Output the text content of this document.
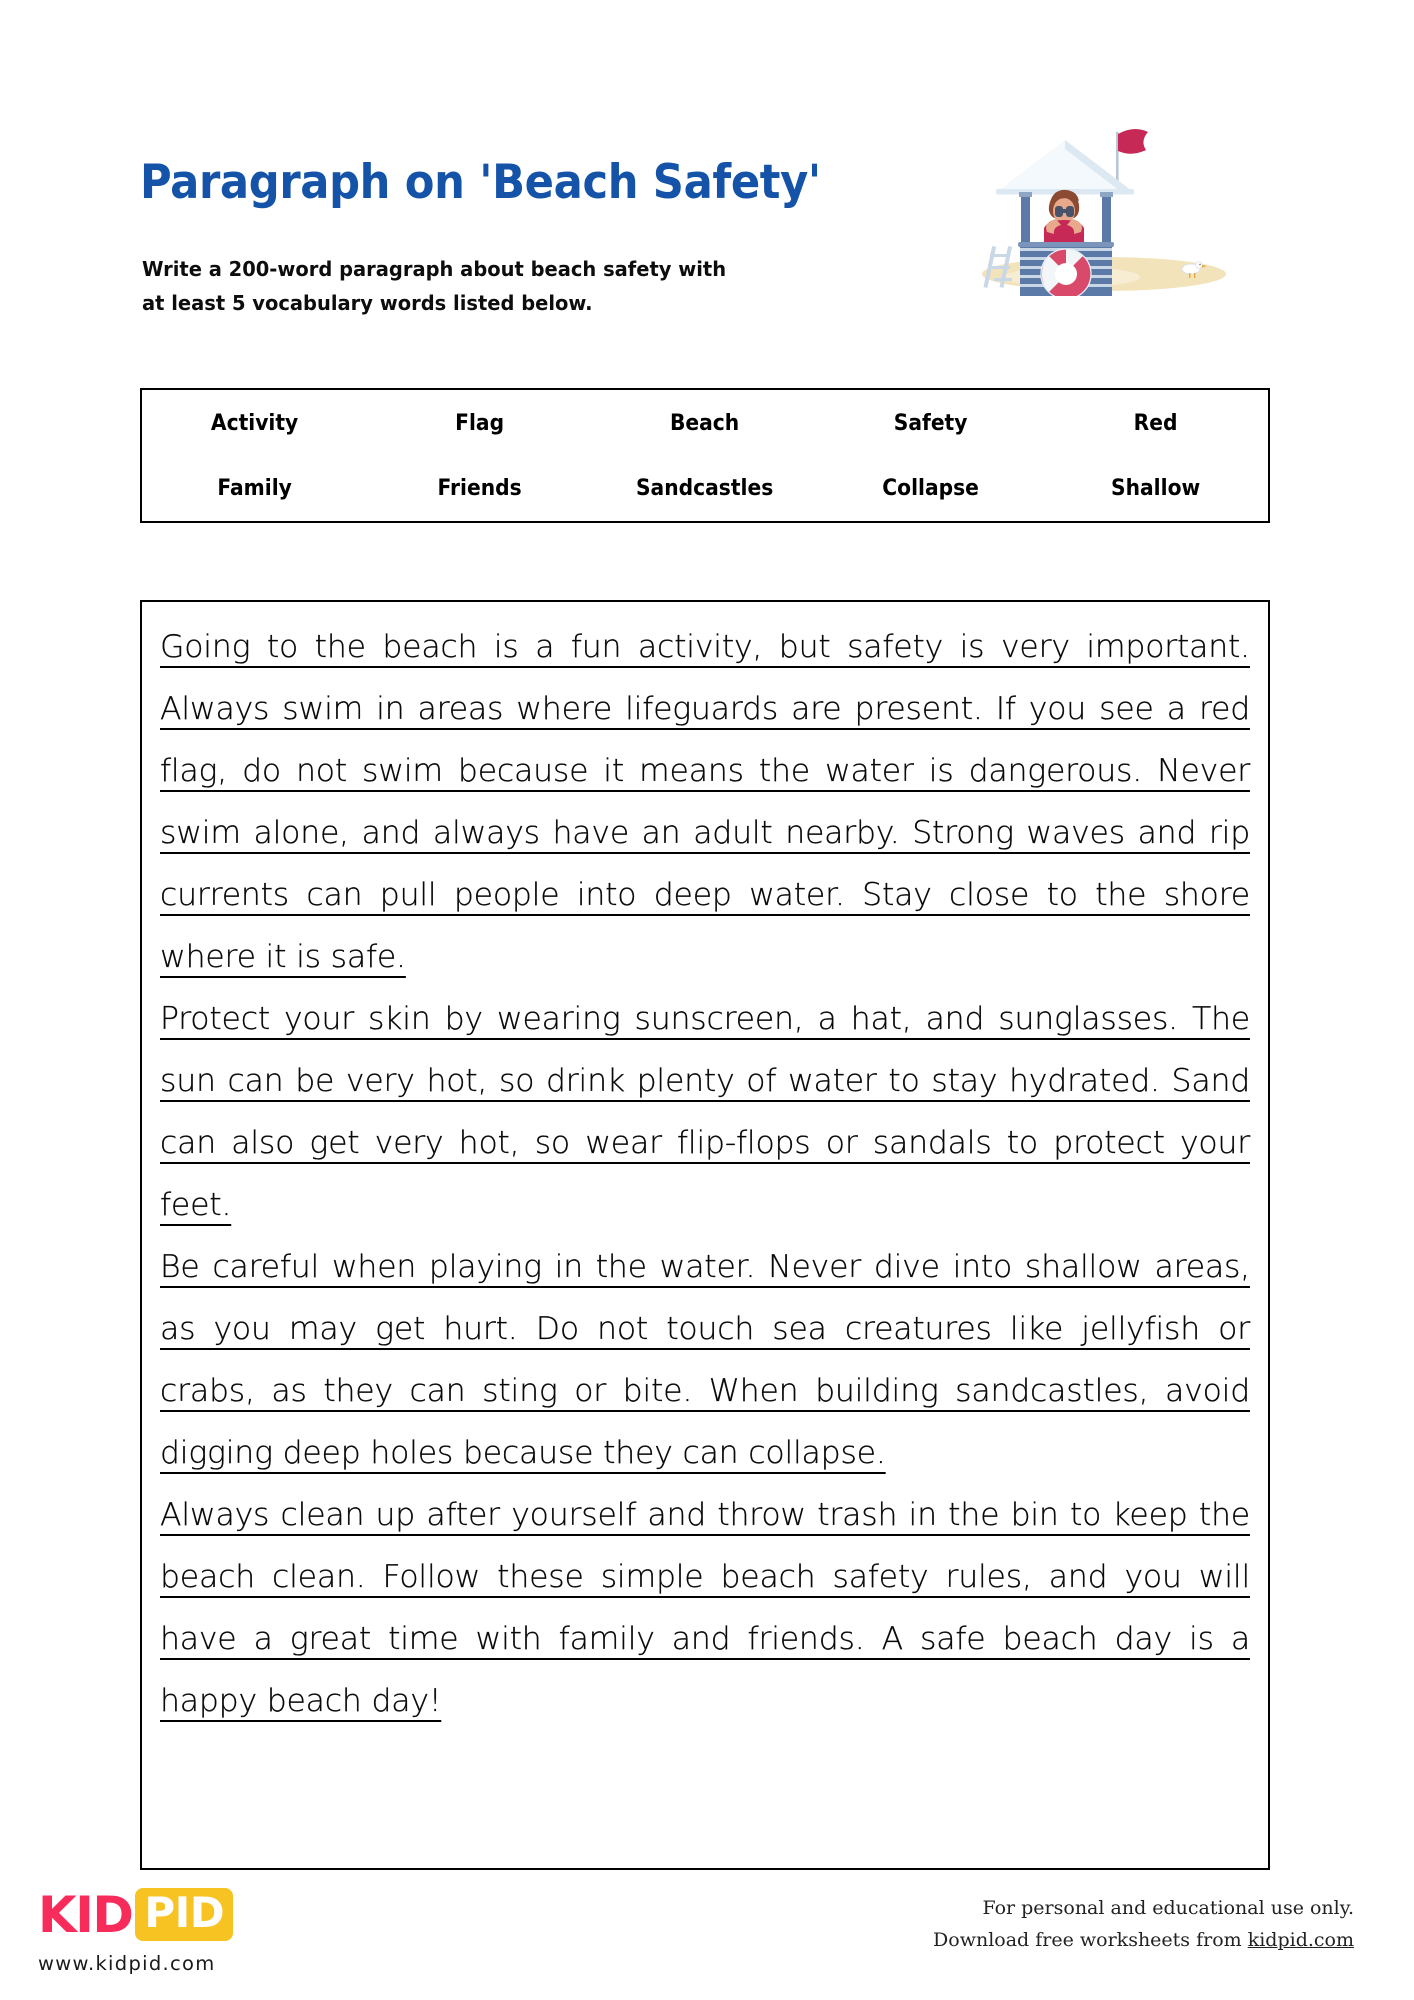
Paragraph on 'Beach Safety'
Write a 200-word paragraph about beach safety with
at least 5 vocabulary words listed below.
Activity	Flag	Beach	Safety	Red
Family	Friends	Sandcastles	Collapse	Shallow

Going to the beach is a fun activity, but safety is very important. Always swim in areas where lifeguards are present. If you see a red flag, do not swim because it means the water is dangerous. Never swim alone, and always have an adult nearby. Strong waves and rip currents can pull people into deep water. Stay close to the shore where it is safe.

Protect your skin by wearing sunscreen, a hat, and sunglasses. The sun can be very hot, so drink plenty of water to stay hydrated. Sand can also get very hot, so wear flip-flops or sandals to protect your feet.

Be careful when playing in the water. Never dive into shallow areas, as you may get hurt. Do not touch sea creatures like jellyfish or crabs, as they can sting or bite. When building sandcastles, avoid digging deep holes because they can collapse.

Always clean up after yourself and throw trash in the bin to keep the beach clean. Follow these simple beach safety rules, and you will have a great time with family and friends. A safe beach day is a happy beach day!

KID PID
www.kidpid.com
For personal and educational use only.
Download free worksheets from kidpid.com
